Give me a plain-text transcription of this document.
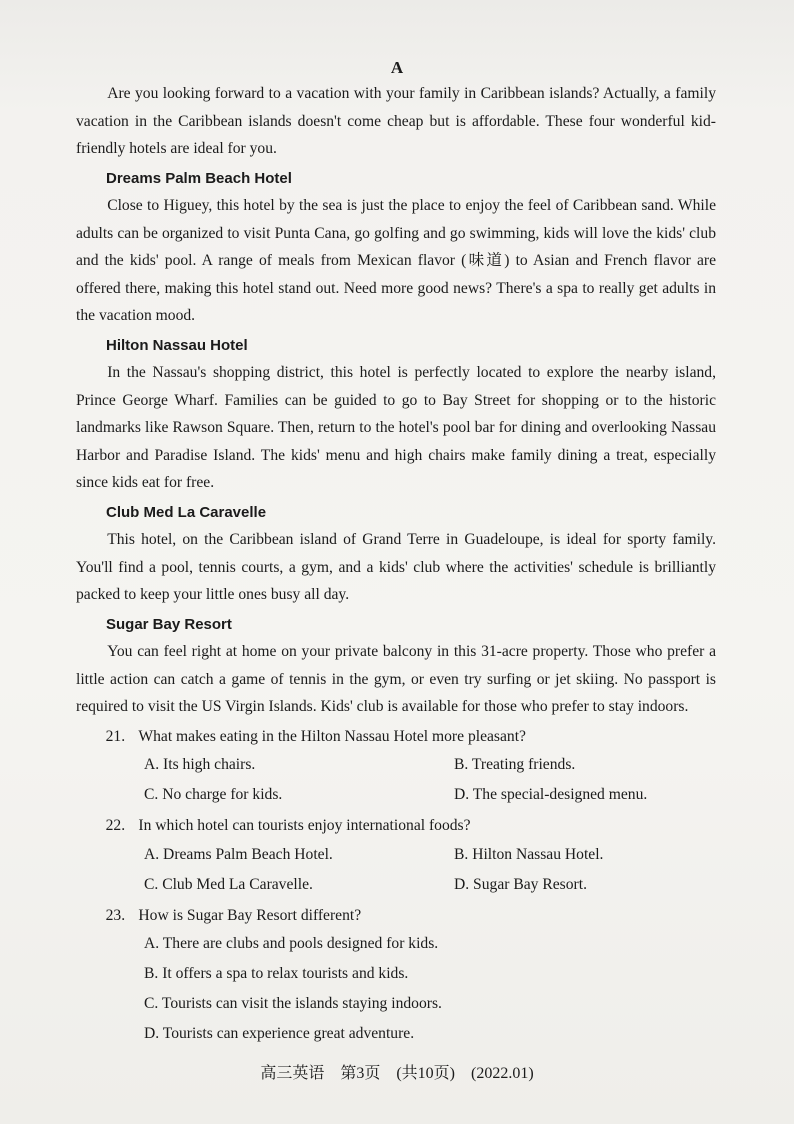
A

Are you looking forward to a vacation with your family in Caribbean islands? Actually, a family vacation in the Caribbean islands doesn't come cheap but is affordable. These four wonderful kid-friendly hotels are ideal for you.

Dreams Palm Beach Hotel

Close to Higuey, this hotel by the sea is just the place to enjoy the feel of Caribbean sand. While adults can be organized to visit Punta Cana, go golfing and go swimming, kids will love the kids' club and the kids' pool. A range of meals from Mexican flavor (味道) to Asian and French flavor are offered there, making this hotel stand out. Need more good news? There's a spa to really get adults in the vacation mood.

Hilton Nassau Hotel

In the Nassau's shopping district, this hotel is perfectly located to explore the nearby island, Prince George Wharf. Families can be guided to go to Bay Street for shopping or to the historic landmarks like Rawson Square. Then, return to the hotel's pool bar for dining and overlooking Nassau Harbor and Paradise Island. The kids' menu and high chairs make family dining a treat, especially since kids eat for free.

Club Med La Caravelle

This hotel, on the Caribbean island of Grand Terre in Guadeloupe, is ideal for sporty family. You'll find a pool, tennis courts, a gym, and a kids' club where the activities' schedule is brilliantly packed to keep your little ones busy all day.

Sugar Bay Resort

You can feel right at home on your private balcony in this 31-acre property. Those who prefer a little action can catch a game of tennis in the gym, or even try surfing or jet skiing. No passport is required to visit the US Virgin Islands. Kids' club is available for those who prefer to stay indoors.

21. What makes eating in the Hilton Nassau Hotel more pleasant?
A. Its high chairs.	B. Treating friends.
C. No charge for kids.	D. The special-designed menu.
22. In which hotel can tourists enjoy international foods?
A. Dreams Palm Beach Hotel.	B. Hilton Nassau Hotel.
C. Club Med La Caravelle.	D. Sugar Bay Resort.
23. How is Sugar Bay Resort different?
A. There are clubs and pools designed for kids.
B. It offers a spa to relax tourists and kids.
C. Tourists can visit the islands staying indoors.
D. Tourists can experience great adventure.
高三英语 第3页 (共10页) (2022.01)
